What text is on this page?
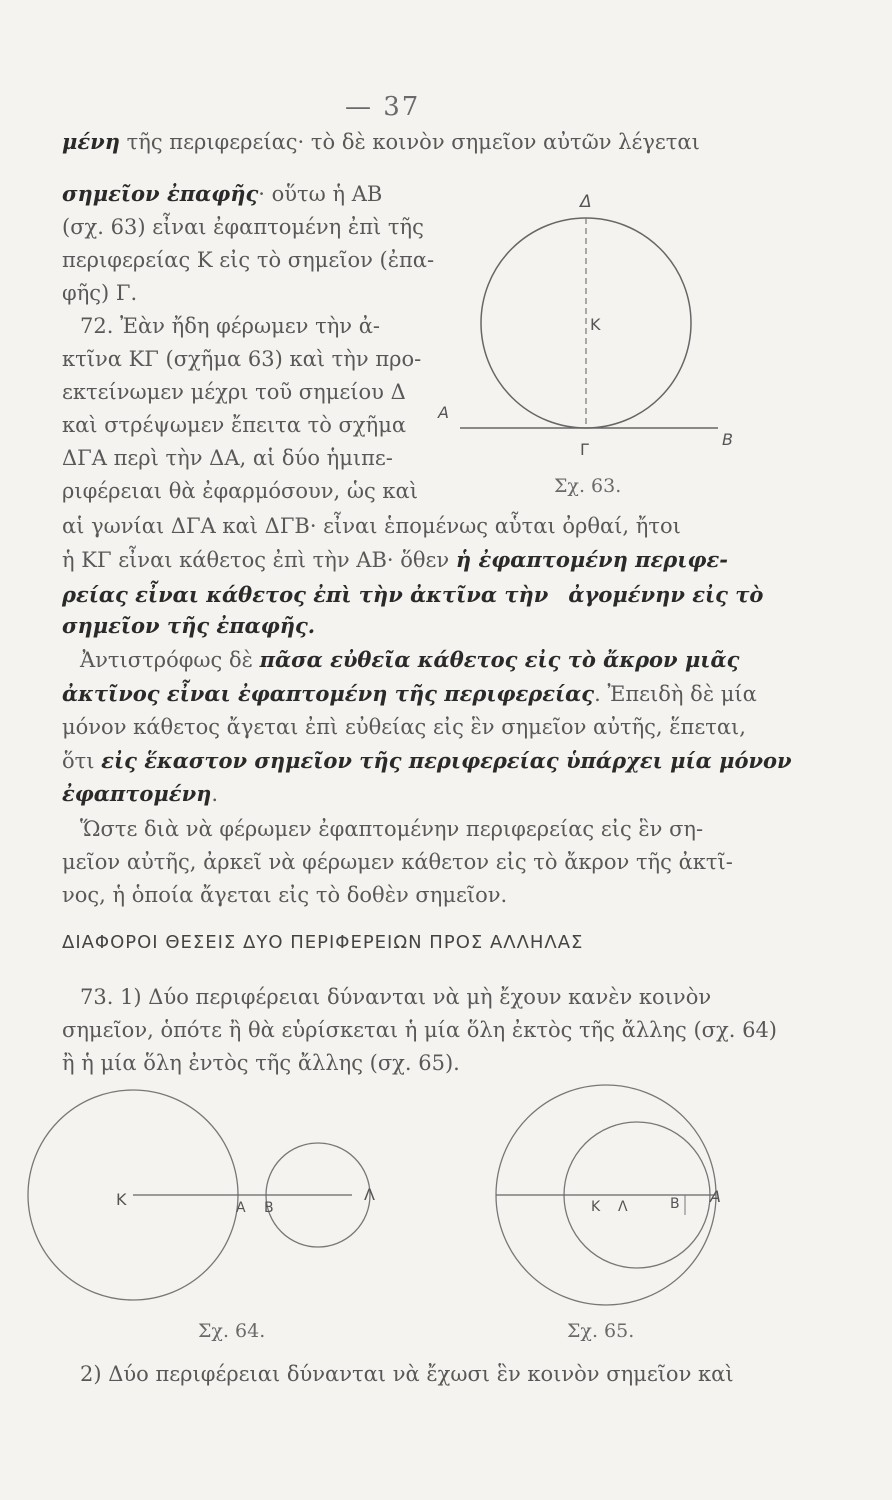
— 37
μένη τῆς περιφερείας· τὸ δὲ κοινὸν σημεῖον αὐτῶν λέγεται
σημεῖον ἐπαφῆς· οὕτω ἡ ΑΒ
(σχ. 63) εἶναι ἐφαπτομένη ἐπὶ τῆς
περιφερείας Κ εἰς τὸ σημεῖον (ἐπα-
φῆς) Γ.
72. Ἐὰν ἤδη φέρωμεν τὴν ἀ-
κτῖνα ΚΓ (σχῆμα 63) καὶ τὴν προ-
εκτείνωμεν μέχρι τοῦ σημείου Δ
καὶ στρέψωμεν ἔπειτα τὸ σχῆμα
ΔΓΑ περὶ τὴν ΔΑ, αἱ δύο ἡμιπε-
ριφέρειαι θὰ ἐφαρμόσουν, ὡς καὶ
αἱ γωνίαι ΔΓΑ καὶ ΔΓΒ· εἶναι ἑπομένως αὗται ὀρθαί, ἤτοι
ἡ ΚΓ εἶναι κάθετος ἐπὶ τὴν ΑΒ· ὅθεν ἡ ἐφαπτομένη περιφε-
ρείας εἶναι κάθετος ἐπὶ τὴν ἀκτῖνα τὴν ἀγομένην εἰς τὸ
σημεῖον τῆς ἐπαφῆς.
Ἀντιστρόφως δὲ πᾶσα εὐθεῖα κάθετος εἰς τὸ ἄκρον μιᾶς
ἀκτῖνος εἶναι ἐφαπτομένη τῆς περιφερείας. Ἐπειδὴ δὲ μία
μόνον κάθετος ἄγεται ἐπὶ εὐθείας εἰς ἓν σημεῖον αὐτῆς, ἕπεται,
ὅτι εἰς ἕκαστον σημεῖον τῆς περιφερείας ὑπάρχει μία μόνον
ἐφαπτομένη.
Ὥστε διὰ νὰ φέρωμεν ἐφαπτομένην περιφερείας εἰς ἓν ση-
μεῖον αὐτῆς, ἀρκεῖ νὰ φέρωμεν κάθετον εἰς τὸ ἄκρον τῆς ἀκτῖ-
νος, ἡ ὁποία ἄγεται εἰς τὸ δοθὲν σημεῖον.
ΔΙΑΦΟΡΟΙ ΘΕΣΕΙΣ ΔΥΟ ΠΕΡΙΦΕΡΕΙΩΝ ΠΡΟΣ ΑΛΛΗΛΑΣ
73. 1) Δύο περιφέρειαι δύνανται νὰ μὴ ἔχουν κανὲν κοινὸν
σημεῖον, ὁπότε ἢ θὰ εὑρίσκεται ἡ μία ὅλη ἐκτὸς τῆς ἄλλης (σχ. 64)
ἢ ἡ μία ὅλη ἐντὸς τῆς ἄλλης (σχ. 65).
2) Δύο περιφέρειαι δύνανται νὰ ἔχωσι ἓν κοινὸν σημεῖον καὶ
Δ
Κ
Α
Β
Γ
Σχ. 63.
Κ	Α Β
Λ
Σχ. 64.
Κ Λ	Β Α
Σχ. 65.
